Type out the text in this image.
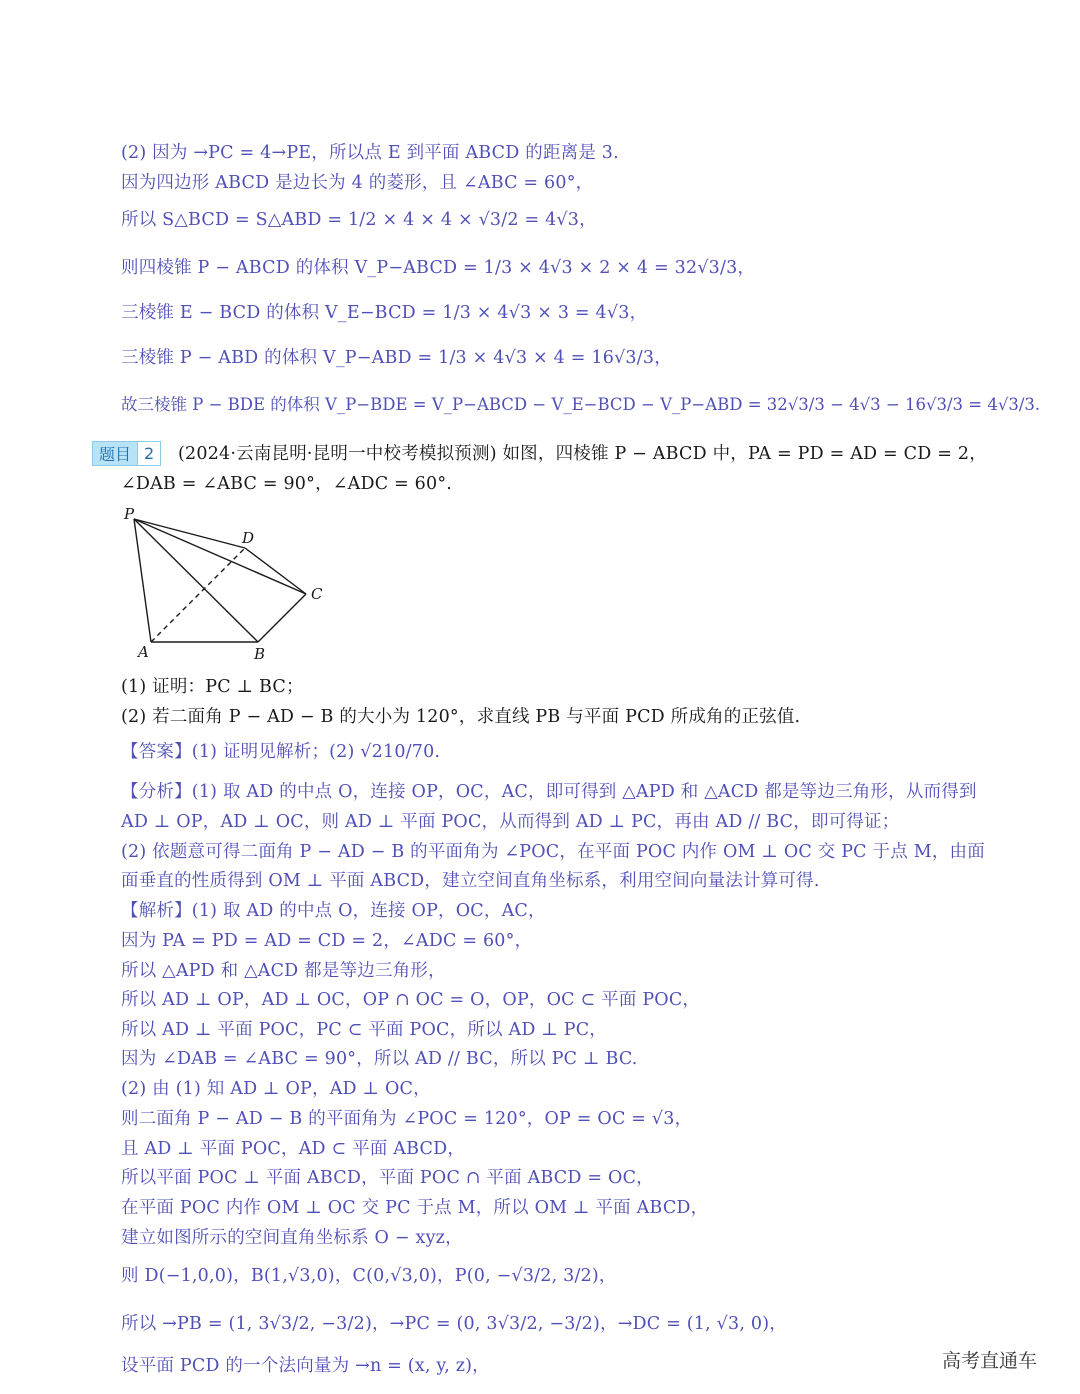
(2) 因为 →PC = 4→PE，所以点 E 到平面 ABCD 的距离是 3.
因为四边形 ABCD 是边长为 4 的菱形，且 ∠ABC = 60°，
所以 S△BCD = S△ABD = 1/2 × 4 × 4 × √3/2 = 4√3，
则四棱锥 P − ABCD 的体积 V_P−ABCD = 1/3 × 4√3 × 2 × 4 = 32√3/3，
三棱锥 E − BCD 的体积 V_E−BCD = 1/3 × 4√3 × 3 = 4√3，
三棱锥 P − ABD 的体积 V_P−ABD = 1/3 × 4√3 × 4 = 16√3/3，
故三棱锥 P − BDE 的体积 V_P−BDE = V_P−ABCD − V_E−BCD − V_P−ABD = 32√3/3 − 4√3 − 16√3/3 = 4√3/3.
题目 2	(2024·云南昆明·昆明一中校考模拟预测) 如图，四棱锥 P − ABCD 中，PA = PD = AD = CD = 2，
∠DAB = ∠ABC = 90°，∠ADC = 60°.
P
D
C
A	B
(1) 证明：PC ⊥ BC；
(2) 若二面角 P − AD − B 的大小为 120°，求直线 PB 与平面 PCD 所成角的正弦值.
【答案】(1) 证明见解析；(2) √210/70.
【分析】(1) 取 AD 的中点 O，连接 OP，OC，AC，即可得到 △APD 和 △ACD 都是等边三角形，从而得到
AD ⊥ OP，AD ⊥ OC，则 AD ⊥ 平面 POC，从而得到 AD ⊥ PC，再由 AD // BC，即可得证；
(2) 依题意可得二面角 P − AD − B 的平面角为 ∠POC，在平面 POC 内作 OM ⊥ OC 交 PC 于点 M，由面
面垂直的性质得到 OM ⊥ 平面 ABCD，建立空间直角坐标系，利用空间向量法计算可得.
【解析】(1) 取 AD 的中点 O，连接 OP，OC，AC，
因为 PA = PD = AD = CD = 2，∠ADC = 60°，
所以 △APD 和 △ACD 都是等边三角形，
所以 AD ⊥ OP，AD ⊥ OC，OP ∩ OC = O，OP，OC ⊂ 平面 POC，
所以 AD ⊥ 平面 POC，PC ⊂ 平面 POC，所以 AD ⊥ PC，
因为 ∠DAB = ∠ABC = 90°，所以 AD // BC，所以 PC ⊥ BC.
(2) 由 (1) 知 AD ⊥ OP，AD ⊥ OC，
则二面角 P − AD − B 的平面角为 ∠POC = 120°，OP = OC = √3，
且 AD ⊥ 平面 POC，AD ⊂ 平面 ABCD，
所以平面 POC ⊥ 平面 ABCD，平面 POC ∩ 平面 ABCD = OC，
在平面 POC 内作 OM ⊥ OC 交 PC 于点 M，所以 OM ⊥ 平面 ABCD，
建立如图所示的空间直角坐标系 O − xyz，
则 D(−1,0,0)，B(1,√3,0)，C(0,√3,0)，P(0, −√3/2, 3/2)，
所以 →PB = (1, 3√3/2, −3/2)，→PC = (0, 3√3/2, −3/2)，→DC = (1, √3, 0)，
设平面 PCD 的一个法向量为 →n = (x, y, z)，	高考直通车
